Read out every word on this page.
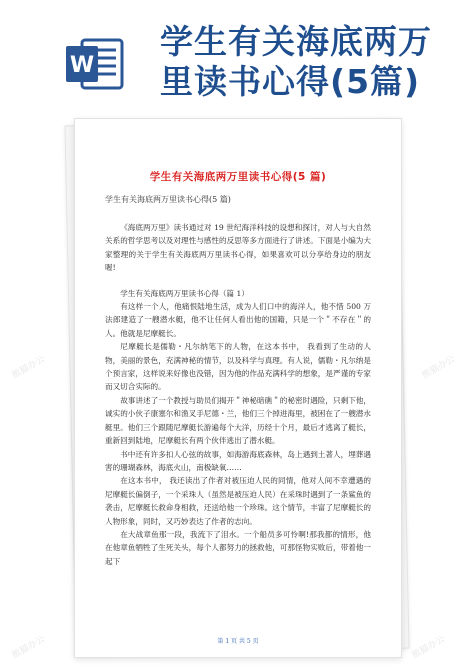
W
学生有关海底两万里读书心得(5篇)
学生有关海底两万里读书心得(5 篇)
学生有关海底两万里读书心得(5 篇)

《海底两万里》读书通过对 19 世纪海洋科技的设想和探讨，对人与大自然关系的哲学思考以及对理性与感性的反思等多方面进行了讲述。下面是小编为大家整理的关于学生有关海底两万里读书心得，如果喜欢可以分享给身边的朋友喔!

学生有关海底两万里读书心得（篇 1）

有这样一个人，他痛恨陆地生活，成为人们口中的海洋人，他不惜 500 万法郎建造了一艘潜水艇，他不让任何人看出他的国籍，只是一个＂不存在＂的人。他就是尼摩艇长。

尼摩艇长是儒勒・凡尔纳笔下的人物，在这本书中， 我看到了生动的人物，美丽的景色，充满神秘的情节，以及科学与真理。有人说，儒勒・凡尔纳是个预言家，这样说来好像也没错，因为他的作品充满科学的想象，是严谨的专家而又切合实际的。

故事讲述了一个教授与助员们揭开＂神秘暗礁＂的秘密时遇险，只剩下他，诚实的小伙子康塞尔和渔叉手尼德・兰，他们三个掉进海里，被困在了一艘潜水艇里。他们三个跟随尼摩艇长游遍每个大洋，历经十个月，最后才逃离了艇长，重新回到陆地，尼摩艇长有两个伙伴逃出了潜水艇。

书中还有许多扣人心弦的故事，如海游海底森林，岛上遇到土著人，埋葬遇害的珊瑚森林，海底火山，南极缺氧……

在这本书中， 我还读出了作者对被压迫人民的同情，他对人间不幸遭遇的尼摩艇长偏倒子，一个采珠人（虽然是被压迫人民）在采珠时遇到了一条鲨鱼的袭击，尼摩艇长救命身相救，还送给他一个珍珠。这个情节，丰富了尼摩艇长的人物形象，同时，又巧妙表达了作者的志向。

在大战章鱼那一段，我流下了泪水。一个船员多可怜啊!那我都的情形，他在他章鱼牺牲了生死关头，每个人都努力的拯救他，可那怪物实败后，带着他一起下

第 1 页 共 5 页
熊猫办公	熊猫办公
熊猫办公	熊猫办公
